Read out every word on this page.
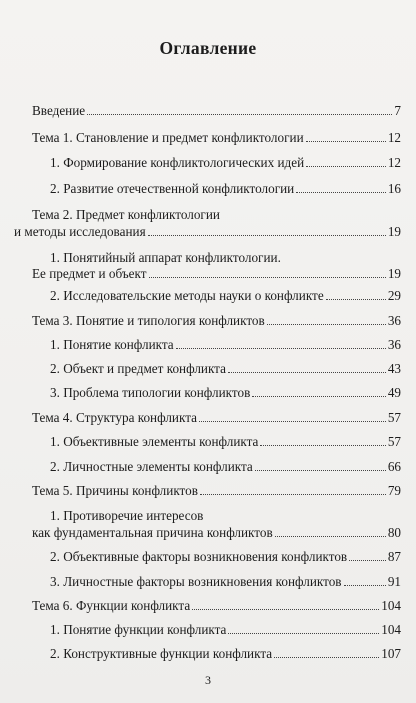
Оглавление
Введение	7
Тема 1. Становление и предмет конфликтологии	12
1. Формирование конфликтологических идей	12
2. Развитие отечественной конфликтологии	16
Тема 2. Предмет конфликтологии
и методы исследования	19
1. Понятийный аппарат конфликтологии.
Ее предмет и объект	19
2. Исследовательские методы науки о конфликте	29
Тема 3. Понятие и типология конфликтов	36
1. Понятие конфликта	36
2. Объект и предмет конфликта	43
3. Проблема типологии конфликтов	49
Тема 4. Структура конфликта	57
1. Объективные элементы конфликта	57
2. Личностные элементы конфликта	66
Тема 5. Причины конфликтов	79
1. Противоречие интересов
как фундаментальная причина конфликтов	80
2. Объективные факторы возникновения конфликтов	87
3. Личностные факторы возникновения конфликтов	91
Тема 6. Функции конфликта	104
1. Понятие функции конфликта	104
2. Конструктивные функции конфликта	107
3
